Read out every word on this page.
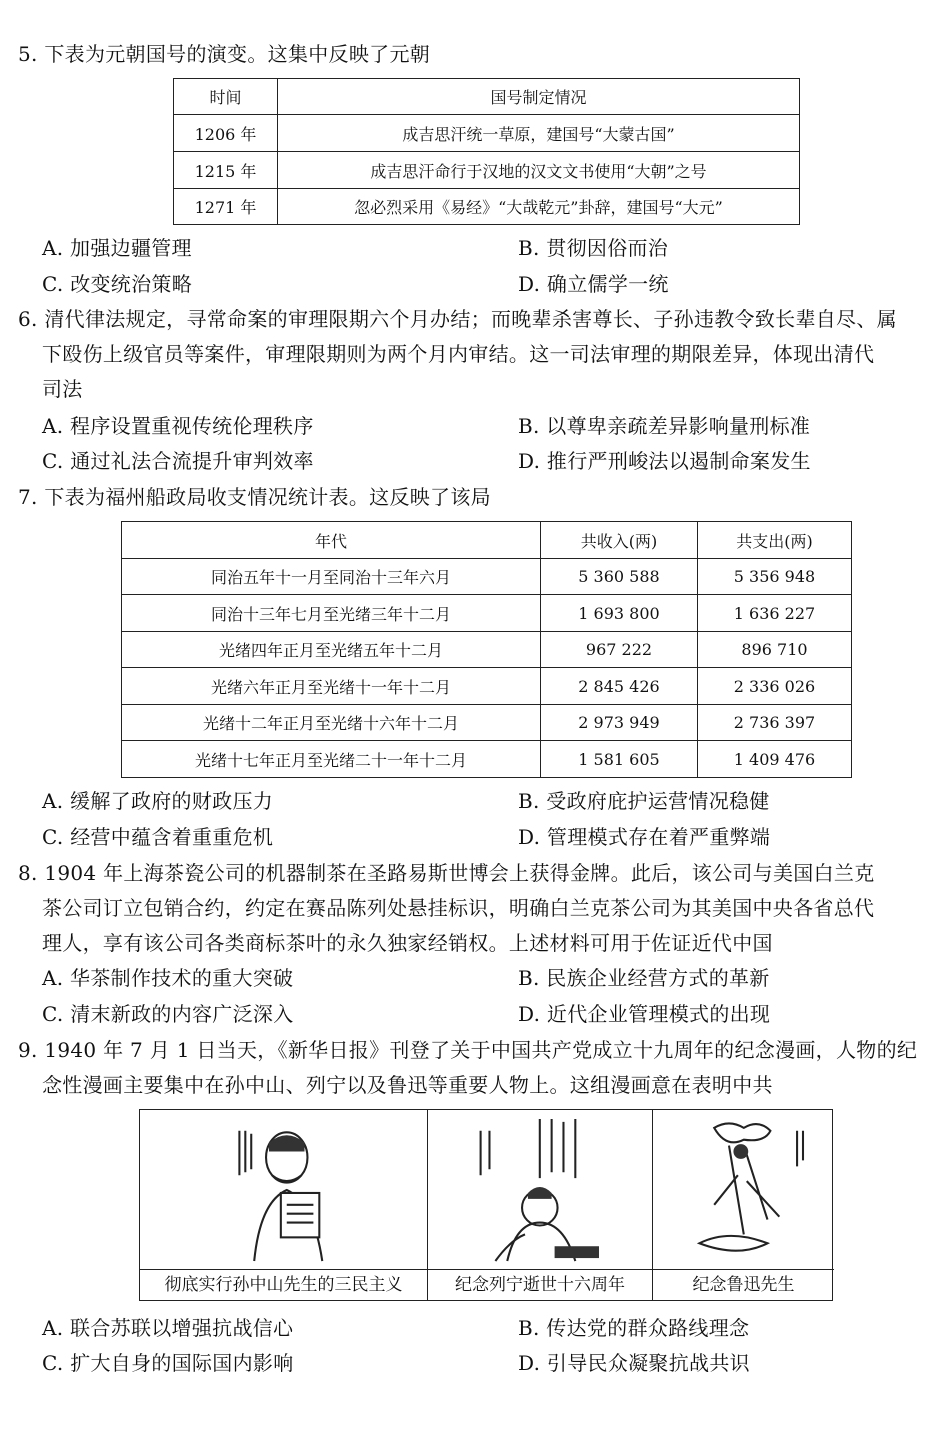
5. 下表为元朝国号的演变。这集中反映了元朝
时间	国号制定情况
1206 年	成吉思汗统一草原，建国号“大蒙古国”
1215 年	成吉思汗命行于汉地的汉文文书使用“大朝”之号
1271 年	忽必烈采用《易经》“大哉乾元”卦辞，建国号“大元”
A. 加强边疆管理	B. 贯彻因俗而治
C. 改变统治策略	D. 确立儒学一统
6. 清代律法规定，寻常命案的审理限期六个月办结；而晚辈杀害尊长、子孙违教令致长辈自尽、属
下殴伤上级官员等案件，审理限期则为两个月内审结。这一司法审理的期限差异，体现出清代
司法
A. 程序设置重视传统伦理秩序	B. 以尊卑亲疏差异影响量刑标准
C. 通过礼法合流提升审判效率	D. 推行严刑峻法以遏制命案发生
7. 下表为福州船政局收支情况统计表。这反映了该局
年代	共收入(两)	共支出(两)
同治五年十一月至同治十三年六月	5 360 588	5 356 948
同治十三年七月至光绪三年十二月	1 693 800	1 636 227
光绪四年正月至光绪五年十二月	967 222	896 710
光绪六年正月至光绪十一年十二月	2 845 426	2 336 026
光绪十二年正月至光绪十六年十二月	2 973 949	2 736 397
光绪十七年正月至光绪二十一年十二月	1 581 605	1 409 476
A. 缓解了政府的财政压力	B. 受政府庇护运营情况稳健
C. 经营中蕴含着重重危机	D. 管理模式存在着严重弊端
8. 1904 年上海茶瓷公司的机器制茶在圣路易斯世博会上获得金牌。此后，该公司与美国白兰克
茶公司订立包销合约，约定在赛品陈列处悬挂标识，明确白兰克茶公司为其美国中央各省总代
理人，享有该公司各类商标茶叶的永久独家经销权。上述材料可用于佐证近代中国
A. 华茶制作技术的重大突破	B. 民族企业经营方式的革新
C. 清末新政的内容广泛深入	D. 近代企业管理模式的出现
9. 1940 年 7 月 1 日当天，《新华日报》刊登了关于中国共产党成立十九周年的纪念漫画，人物的纪
念性漫画主要集中在孙中山、列宁以及鲁迅等重要人物上。这组漫画意在表明中共
彻底实行孙中山先生的三民主义	纪念列宁逝世十六周年	纪念鲁迅先生
A. 联合苏联以增强抗战信心	B. 传达党的群众路线理念
C. 扩大自身的国际国内影响	D. 引导民众凝聚抗战共识
